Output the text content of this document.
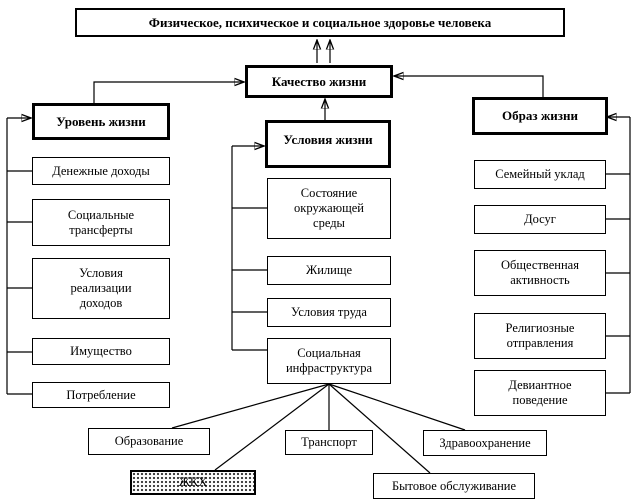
Физическое, психическое и социальное здоровье человека
Качество жизни
Уровень жизни
Денежные доходы
Социальные трансферты
Условия реализации доходов
Имущество
Потребление
Условия жизни
Состояние окружающей среды
Жилище
Условия труда
Социальная инфраструктура
Образ жизни
Семейный уклад
Досуг
Общественная активность
Религиозные отправления
Девиантное поведение
Образование	Транспорт	Здравоохранение
ЖКХ	Бытовое обслуживание
